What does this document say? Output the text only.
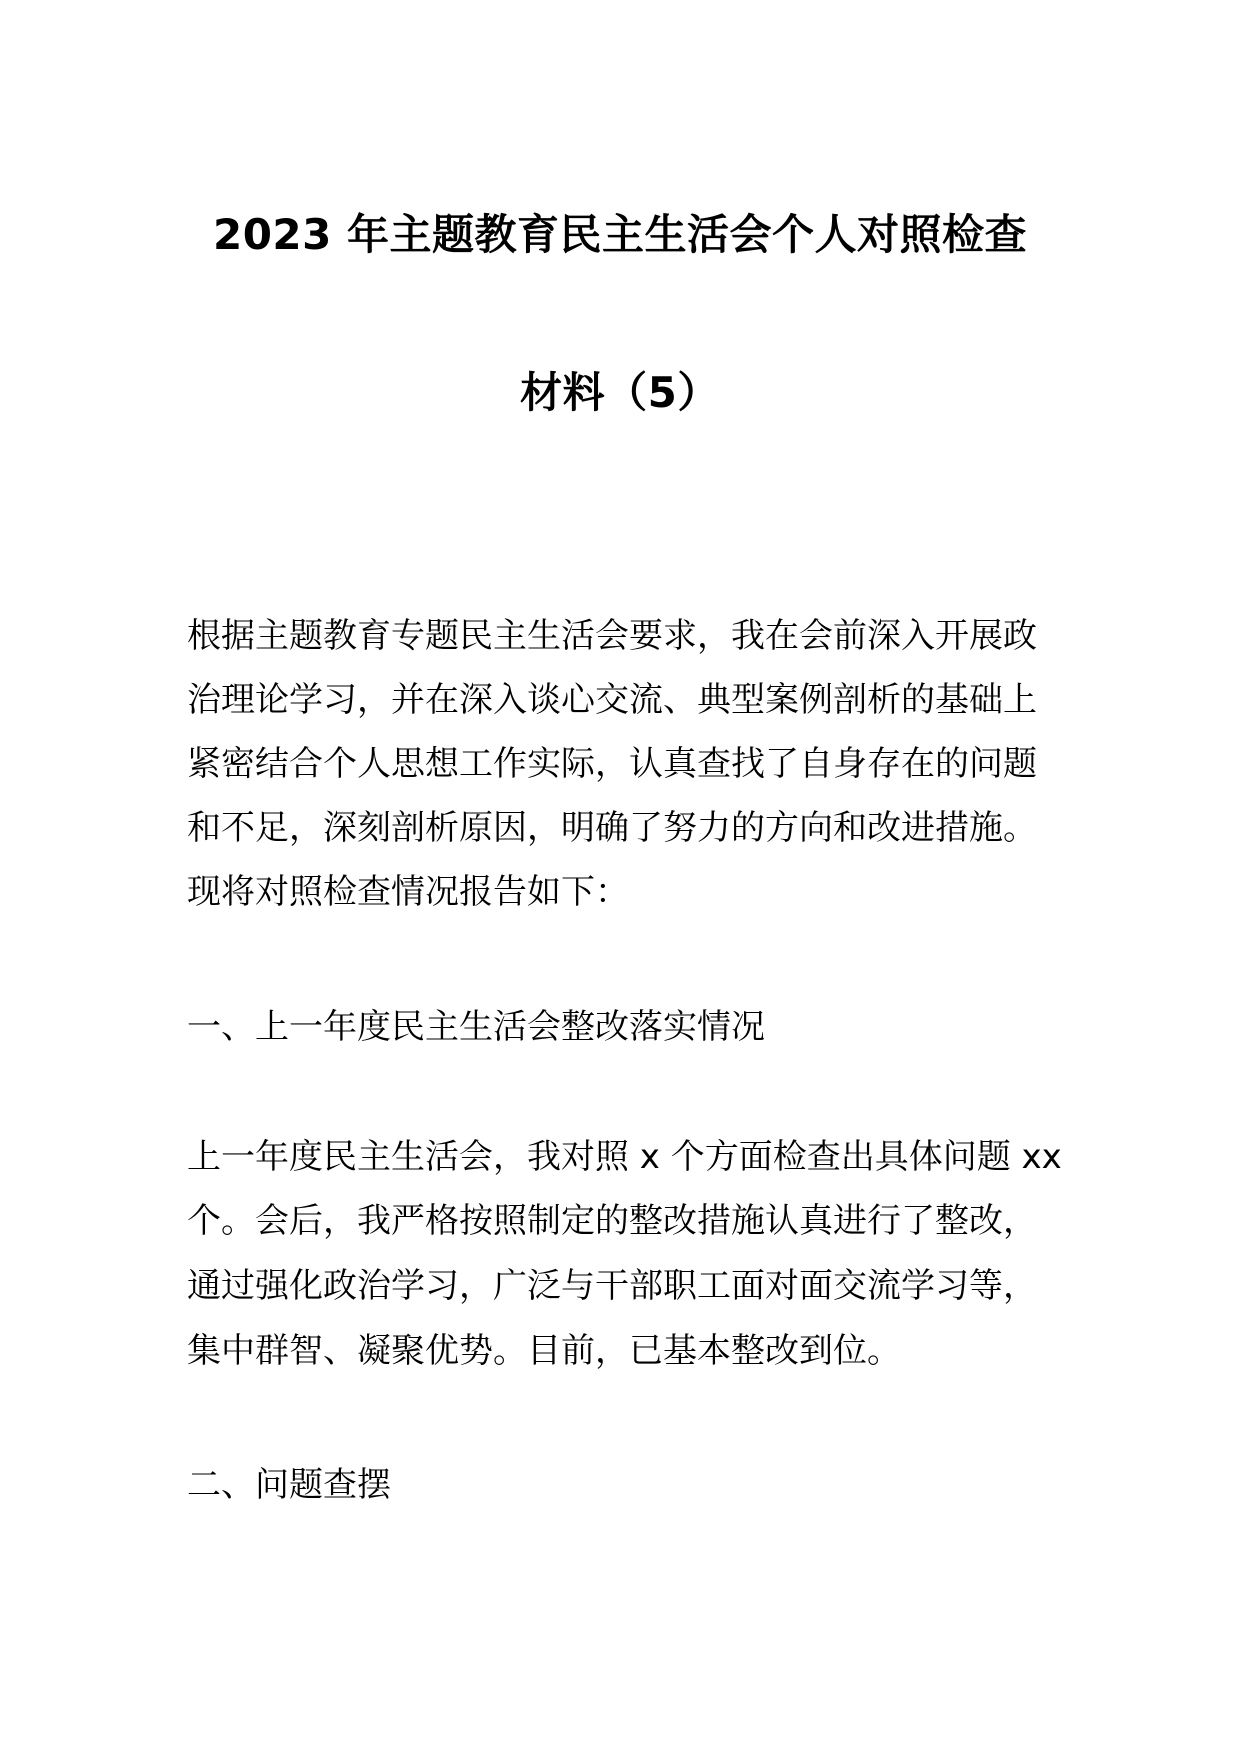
2023 年主题教育民主生活会个人对照检查
材料（5）
根据主题教育专题民主生活会要求，我在会前深入开展政
治理论学习，并在深入谈心交流、典型案例剖析的基础上
紧密结合个人思想工作实际，认真查找了自身存在的问题
和不足，深刻剖析原因，明确了努力的方向和改进措施。
现将对照检查情况报告如下：
一、上一年度民主生活会整改落实情况
上一年度民主生活会，我对照 x 个方面检查出具体问题 xx
个。会后，我严格按照制定的整改措施认真进行了整改，
通过强化政治学习，广泛与干部职工面对面交流学习等，
集中群智、凝聚优势。目前，已基本整改到位。
二、问题查摆
